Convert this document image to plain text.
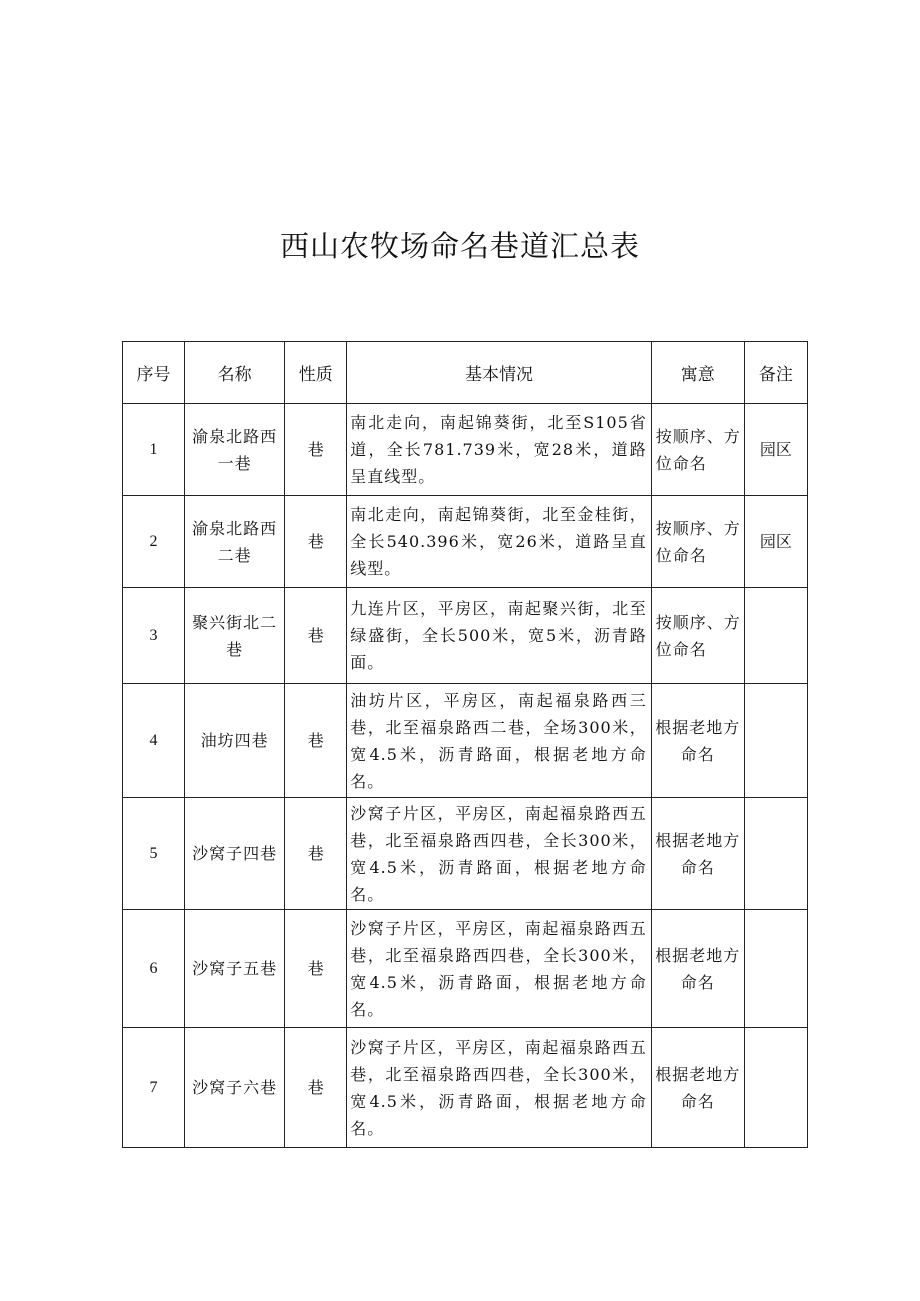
西山农牧场命名巷道汇总表
序号	名称	性质	基本情况	寓意	备注
1	渝泉北路西一巷	巷	南北走向，南起锦葵街，北至S105省道，全长781.739米，宽28米，道路呈直线型。	按顺序、方位命名	园区
2	渝泉北路西二巷	巷	南北走向，南起锦葵街，北至金桂街，全长540.396米，宽26米，道路呈直线型。	按顺序、方位命名	园区
3	聚兴街北二巷	巷	九连片区，平房区，南起聚兴街，北至绿盛街，全长500米，宽5米，沥青路面。	按顺序、方位命名	
4	油坊四巷	巷	油坊片区，平房区，南起福泉路西三巷，北至福泉路西二巷，全场300米，宽4.5米，沥青路面，根据老地方命名。	根据老地方命名	
5	沙窝子四巷	巷	沙窝子片区，平房区，南起福泉路西五巷，北至福泉路西四巷，全长300米，宽4.5米，沥青路面，根据老地方命名。	根据老地方命名	
6	沙窝子五巷	巷	沙窝子片区，平房区，南起福泉路西五巷，北至福泉路西四巷，全长300米，宽4.5米，沥青路面，根据老地方命名。	根据老地方命名	
7	沙窝子六巷	巷	沙窝子片区，平房区，南起福泉路西五巷，北至福泉路西四巷，全长300米，宽4.5米，沥青路面，根据老地方命名。	根据老地方命名	
